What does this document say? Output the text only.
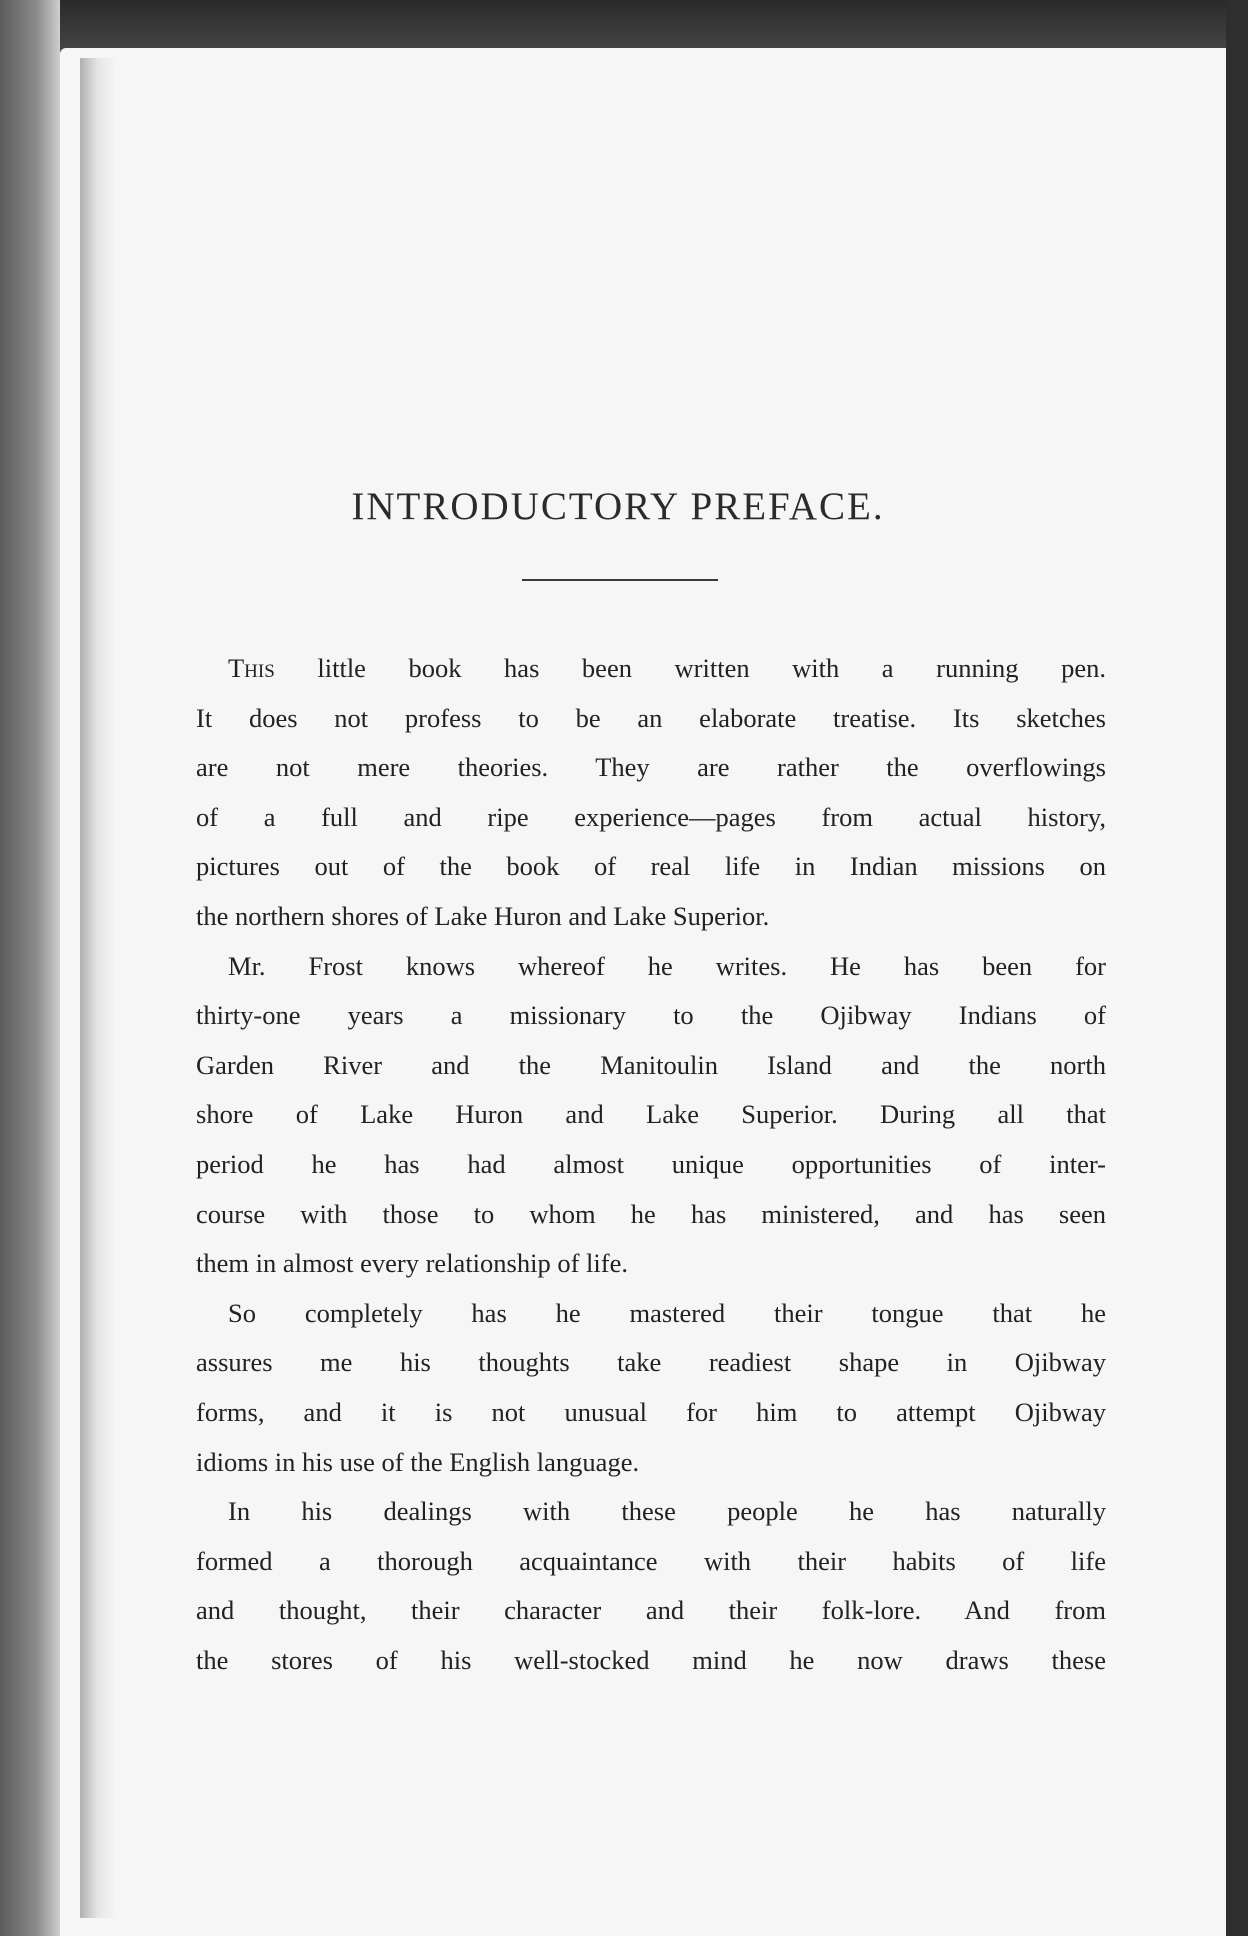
INTRODUCTORY PREFACE.

This little book has been written with a running pen.
It does not profess to be an elaborate treatise. Its sketches
are not mere theories. They are rather the overflowings
of a full and ripe experience—pages from actual history,
pictures out of the book of real life in Indian missions on
the northern shores of Lake Huron and Lake Superior.

Mr. Frost knows whereof he writes. He has been for
thirty-one years a missionary to the Ojibway Indians of
Garden River and the Manitoulin Island and the north
shore of Lake Huron and Lake Superior. During all that
period he has had almost unique opportunities of inter-
course with those to whom he has ministered, and has seen
them in almost every relationship of life.

So completely has he mastered their tongue that he
assures me his thoughts take readiest shape in Ojibway
forms, and it is not unusual for him to attempt Ojibway
idioms in his use of the English language.

In his dealings with these people he has naturally
formed a thorough acquaintance with their habits of life
and thought, their character and their folk-lore. And from
the stores of his well-stocked mind he now draws these
